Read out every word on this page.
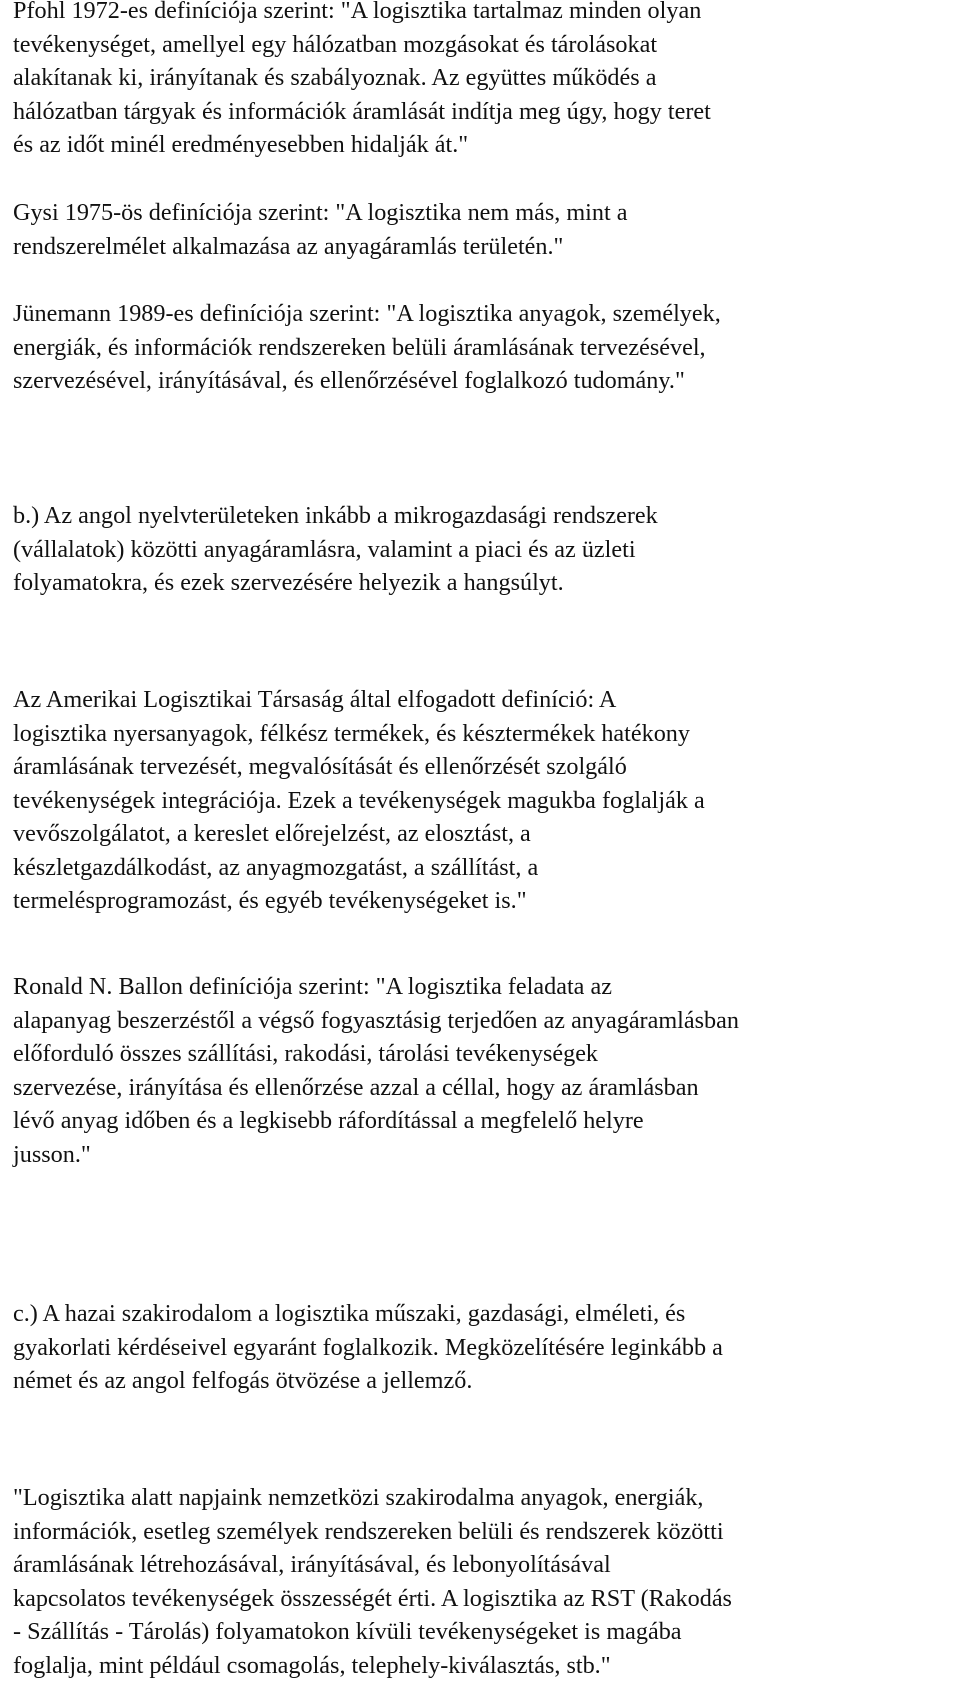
Pfohl 1972-es definíciója szerint: "A logisztika tartalmaz minden olyan
tevékenységet, amellyel egy hálózatban mozgásokat és tárolásokat
alakítanak ki, irányítanak és szabályoznak. Az együttes működés a
hálózatban tárgyak és információk áramlását indítja meg úgy, hogy teret
és az időt minél eredményesebben hidalják át."

Gysi 1975-ös definíciója szerint: "A logisztika nem más, mint a
rendszerelmélet alkalmazása az anyagáramlás területén."

Jünemann 1989-es definíciója szerint: "A logisztika anyagok, személyek,
energiák, és információk rendszereken belüli áramlásának tervezésével,
szervezésével, irányításával, és ellenőrzésével foglalkozó tudomány."

b.) Az angol nyelvterületeken inkább a mikrogazdasági rendszerek
(vállalatok) közötti anyagáramlásra, valamint a piaci és az üzleti
folyamatokra, és ezek szervezésére helyezik a hangsúlyt.

Az Amerikai Logisztikai Társaság által elfogadott definíció: A
logisztika nyersanyagok, félkész termékek, és késztermékek hatékony
áramlásának tervezését, megvalósítását és ellenőrzését szolgáló
tevékenységek integrációja. Ezek a tevékenységek magukba foglalják a
vevőszolgálatot, a kereslet előrejelzést, az elosztást, a
készletgazdálkodást, az anyagmozgatást, a szállítást, a
termelésprogramozást, és egyéb tevékenységeket is."

Ronald N. Ballon definíciója szerint: "A logisztika feladata az
alapanyag beszerzéstől a végső fogyasztásig terjedően az anyagáramlásban
előforduló összes szállítási, rakodási, tárolási tevékenységek
szervezése, irányítása és ellenőrzése azzal a céllal, hogy az áramlásban
lévő anyag időben és a legkisebb ráfordítással a megfelelő helyre
jusson."

c.) A hazai szakirodalom a logisztika műszaki, gazdasági, elméleti, és
gyakorlati kérdéseivel egyaránt foglalkozik. Megközelítésére leginkább a
német és az angol felfogás ötvözése a jellemző.

"Logisztika alatt napjaink nemzetközi szakirodalma anyagok, energiák,
információk, esetleg személyek rendszereken belüli és rendszerek közötti
áramlásának létrehozásával, irányításával, és lebonyolításával
kapcsolatos tevékenységek összességét érti. A logisztika az RST (Rakodás
- Szállítás - Tárolás) folyamatokon kívüli tevékenységeket is magába
foglalja, mint például csomagolás, telephely-kiválasztás, stb."
